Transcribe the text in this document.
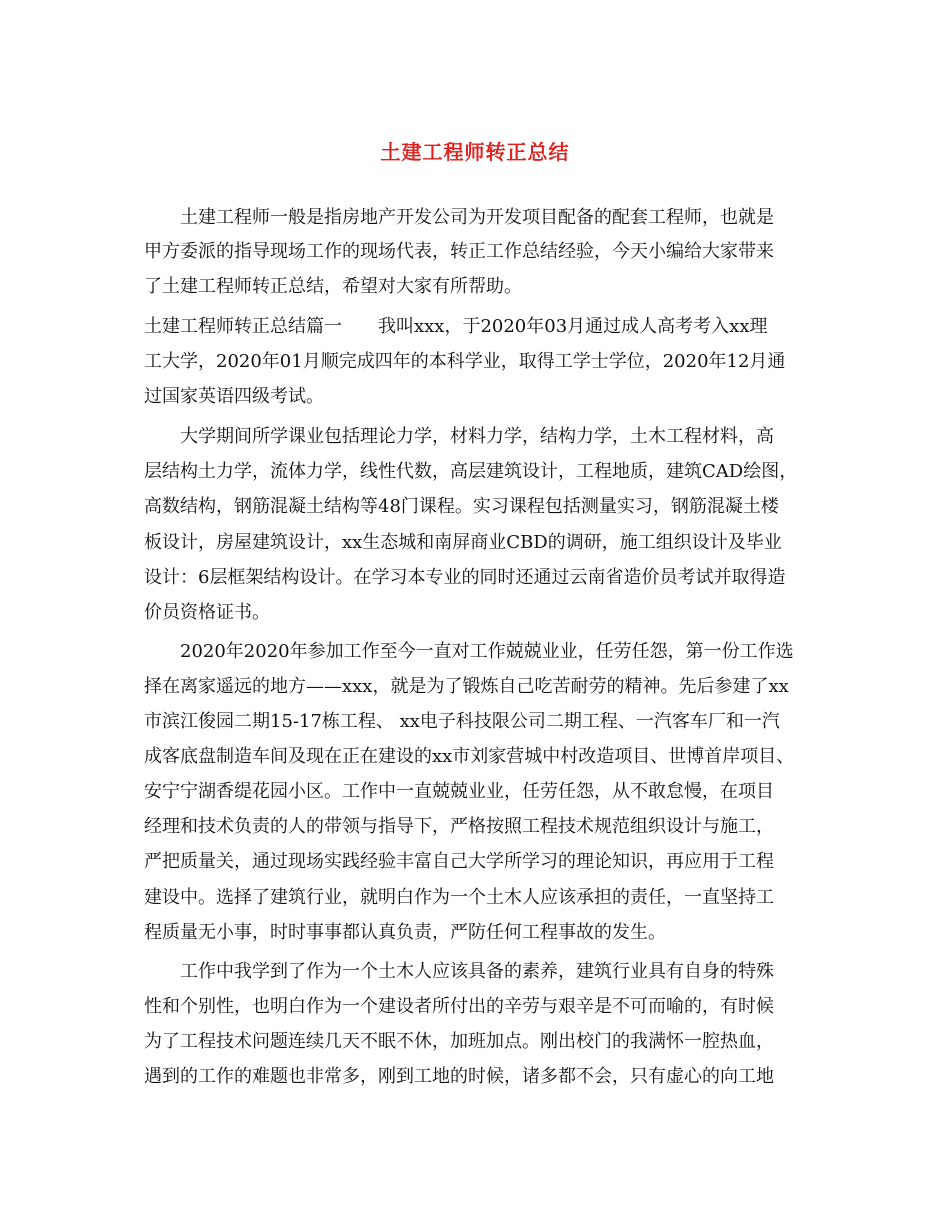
土建工程师转正总结

　　土建工程师一般是指房地产开发公司为开发项目配备的配套工程师，也就是

甲方委派的指导现场工作的现场代表，转正工作总结经验，今天小编给大家带来

了土建工程师转正总结，希望对大家有所帮助。

土建工程师转正总结篇一　　我叫xxx，于2020年03月通过成人高考考入xx理

工大学，2020年01月顺完成四年的本科学业，取得工学士学位，2020年12月通

过国家英语四级考试。

　　大学期间所学课业包括理论力学，材料力学，结构力学，土木工程材料，高

层结构土力学，流体力学，线性代数，高层建筑设计，工程地质，建筑CAD绘图，

高数结构，钢筋混凝土结构等48门课程。实习课程包括测量实习，钢筋混凝土楼

板设计，房屋建筑设计，xx生态城和南屏商业CBD的调研，施工组织设计及毕业

设计：6层框架结构设计。在学习本专业的同时还通过云南省造价员考试并取得造

价员资格证书。

　　2020年2020年参加工作至今一直对工作兢兢业业，任劳任怨，第一份工作选

择在离家遥远的地方——xxx，就是为了锻炼自己吃苦耐劳的精神。先后参建了xx

市滨江俊园二期15-17栋工程、 xx电子科技限公司二期工程、一汽客车厂和一汽

成客底盘制造车间及现在正在建设的xx市刘家营城中村改造项目、世博首岸项目、

安宁宁湖香缇花园小区。工作中一直兢兢业业，任劳任怨，从不敢怠慢，在项目

经理和技术负责的人的带领与指导下，严格按照工程技术规范组织设计与施工，

严把质量关，通过现场实践经验丰富自己大学所学习的理论知识，再应用于工程

建设中。选择了建筑行业，就明白作为一个土木人应该承担的责任，一直坚持工

程质量无小事，时时事事都认真负责，严防任何工程事故的发生。

　　工作中我学到了作为一个土木人应该具备的素养，建筑行业具有自身的特殊

性和个别性，也明白作为一个建设者所付出的辛劳与艰辛是不可而喻的，有时候

为了工程技术问题连续几天不眠不休，加班加点。刚出校门的我满怀一腔热血，

遇到的工作的难题也非常多，刚到工地的时候，诸多都不会，只有虚心的向工地
